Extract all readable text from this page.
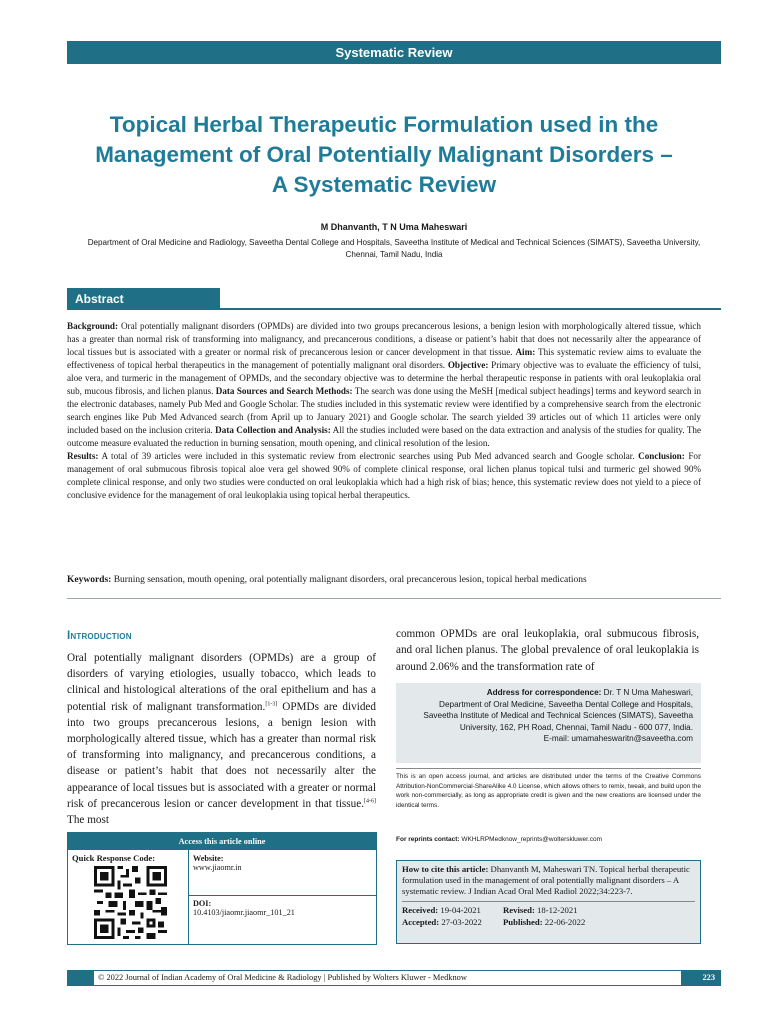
Systematic Review
Topical Herbal Therapeutic Formulation used in the Management of Oral Potentially Malignant Disorders – A Systematic Review
M Dhanvanth, T N Uma Maheswari
Department of Oral Medicine and Radiology, Saveetha Dental College and Hospitals, Saveetha Institute of Medical and Technical Sciences (SIMATS), Saveetha University, Chennai, Tamil Nadu, India
Abstract
Background: Oral potentially malignant disorders (OPMDs) are divided into two groups precancerous lesions, a benign lesion with morphologically altered tissue, which has a greater than normal risk of transforming into malignancy, and precancerous conditions, a disease or patient’s habit that does not necessarily alter the appearance of local tissues but is associated with a greater or normal risk of precancerous lesion or cancer development in that tissue. Aim: This systematic review aims to evaluate the effectiveness of topical herbal therapeutics in the management of potentially malignant oral disorders. Objective: Primary objective was to evaluate the efficiency of tulsi, aloe vera, and turmeric in the management of OPMDs, and the secondary objective was to determine the herbal therapeutic response in patients with oral leukoplakia oral sub, mucous fibrosis, and lichen planus. Data Sources and Search Methods: The search was done using the MeSH [medical subject headings] terms and keyword search in the electronic databases, namely Pub Med and Google Scholar. The studies included in this systematic review were identified by a comprehensive search from the electronic search engines like Pub Med Advanced search (from April up to January 2021) and Google scholar. The search yielded 39 articles out of which 11 articles were only included based on the inclusion criteria. Data Collection and Analysis: All the studies included were based on the data extraction and analysis of the studies for quality. The outcome measure evaluated the reduction in burning sensation, mouth opening, and clinical resolution of the lesion.
Results: A total of 39 articles were included in this systematic review from electronic searches using Pub Med advanced search and Google scholar. Conclusion: For management of oral submucous fibrosis topical aloe vera gel showed 90% of complete clinical response, oral lichen planus topical tulsi and turmeric gel showed 90% complete clinical response, and only two studies were conducted on oral leukoplakia which had a high risk of bias; hence, this systematic review does not yield to a piece of conclusive evidence for the management of oral leukoplakia using topical herbal therapeutics.
Keywords: Burning sensation, mouth opening, oral potentially malignant disorders, oral precancerous lesion, topical herbal medications
Introduction
Oral potentially malignant disorders (OPMDs) are a group of disorders of varying etiologies, usually tobacco, which leads to clinical and histological alterations of the oral epithelium and has a potential risk of malignant transformation.[1-3] OPMDs are divided into two groups precancerous lesions, a benign lesion with morphologically altered tissue, which has a greater than normal risk of transforming into malignancy, and precancerous conditions, a disease or patient’s habit that does not necessarily alter the appearance of local tissues but is associated with a greater or normal risk of precancerous lesion or cancer development in that tissue.[4-6] The most
common OPMDs are oral leukoplakia, oral submucous fibrosis, and oral lichen planus. The global prevalence of oral leukoplakia is around 2.06% and the transformation rate of
Address for correspondence: Dr. T N Uma Maheswari,
Department of Oral Medicine, Saveetha Dental College and Hospitals,
Saveetha Institute of Medical and Technical Sciences (SIMATS), Saveetha
University, 162, PH Road, Chennai, Tamil Nadu - 600 077, India.
E-mail: umamaheswaritn@saveetha.com
This is an open access journal, and articles are distributed under the terms of the Creative Commons Attribution-NonCommercial-ShareAlike 4.0 License, which allows others to remix, tweak, and build upon the work non-commercially, as long as appropriate credit is given and the new creations are licensed under the identical terms.
For reprints contact: WKHLRPMedknow_reprints@wolterskluwer.com
How to cite this article: Dhanvanth M, Maheswari TN. Topical herbal therapeutic formulation used in the management of oral potentially malignant disorders – A systematic review. J Indian Acad Oral Med Radiol 2022;34:223-7.
Received: 19-04-2021	Revised: 18-12-2021
Accepted: 27-03-2022	Published: 22-06-2022
Access this article online
Quick Response Code:	Website:
www.jiaomr.in
DOI:
10.4103/jiaomr.jiaomr_101_21
© 2022 Journal of Indian Academy of Oral Medicine & Radiology | Published by Wolters Kluwer - Medknow	223
